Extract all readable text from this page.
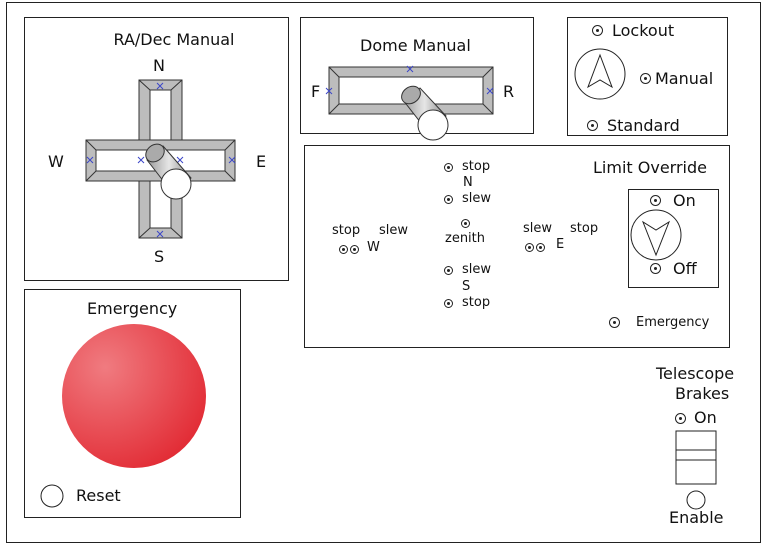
RA/Dec Manual
N
S
W	E
Dome Manual
F	R
Lockout
Manual
Standard
Limit Override
stop
N
slew
zenith
slew
S
stop
stop slew
W
slew stop
E
Emergency
On
Off
Emergency
Reset
Telescope
Brakes
On
Enable
